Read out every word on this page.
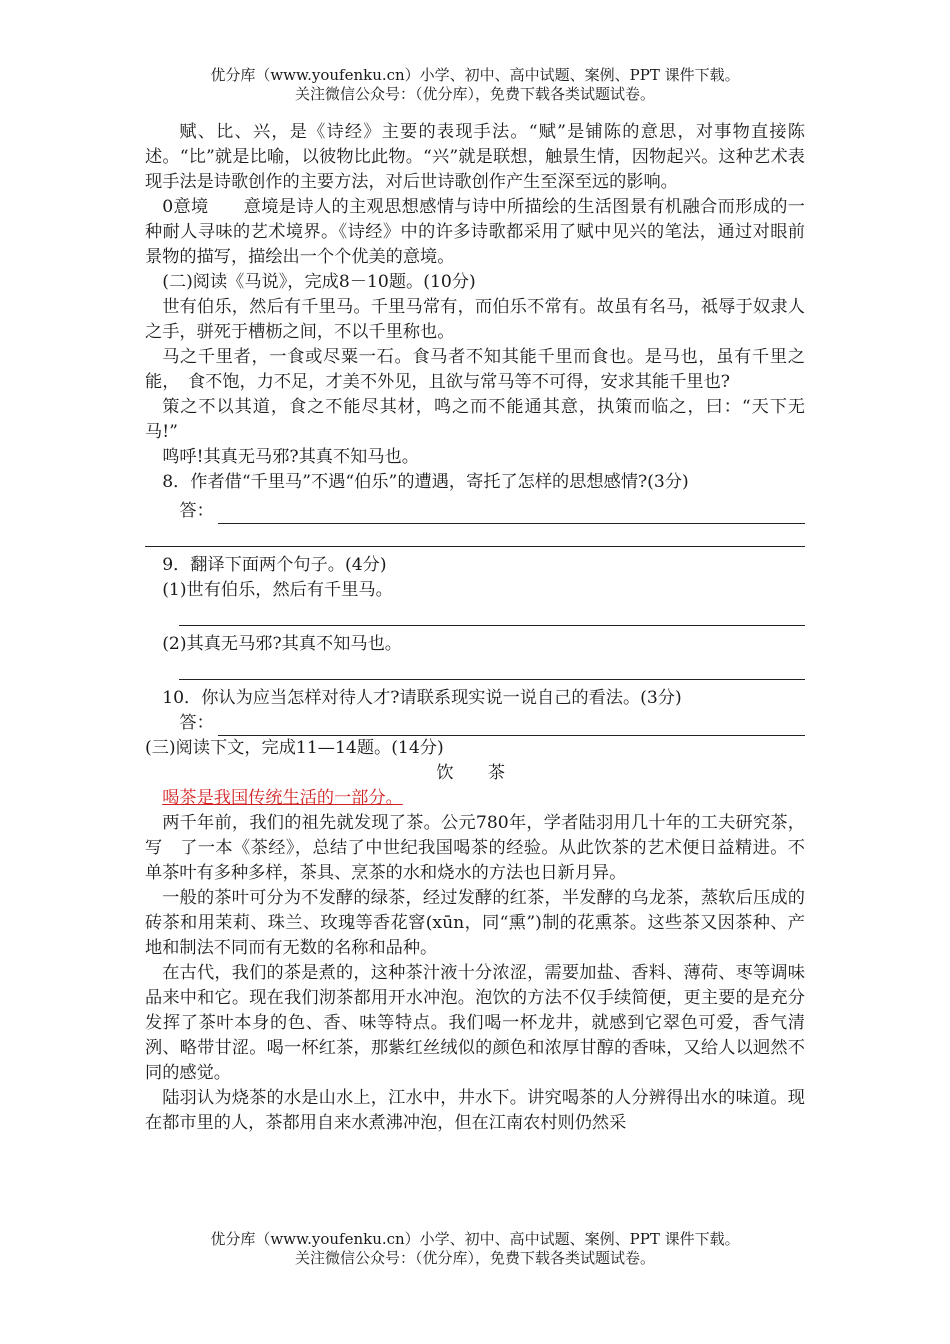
优分库（www.youfenku.cn）小学、初中、高中试题、案例、PPT 课件下载。
关注微信公众号：（优分库），免费下载各类试题试卷。

赋、比、兴，是《诗经》主要的表现手法。“赋”是铺陈的意思，对事物直接陈述。“比”就是比喻，以彼物比此物。“兴”就是联想，触景生情，因物起兴。这种艺术表现手法是诗歌创作的主要方法，对后世诗歌创作产生至深至远的影响。

0意境　　意境是诗人的主观思想感情与诗中所描绘的生活图景有机融合而形成的一种耐人寻味的艺术境界。《诗经》中的许多诗歌都采用了赋中见兴的笔法，通过对眼前景物的描写，描绘出一个个优美的意境。

(二)阅读《马说》，完成8－10题。(10分)

世有伯乐，然后有千里马。千里马常有，而伯乐不常有。故虽有名马，祗辱于奴隶人之手，骈死于槽枥之间，不以千里称也。

马之千里者，一食或尽粟一石。食马者不知其能千里而食也。是马也，虽有千里之能，　食不饱，力不足，才美不外见，且欲与常马等不可得，安求其能千里也?

策之不以其道，食之不能尽其材，鸣之而不能通其意，执策而临之，曰：“天下无马!”

鸣呼!其真无马邪?其真不知马也。

8．作者借“千里马”不遇“伯乐”的遭遇，寄托了怎样的思想感情?(3分)

答：

9．翻译下面两个句子。(4分)

(1)世有伯乐，然后有千里马。

(2)其真无马邪?其真不知马也。

10．你认为应当怎样对待人才?请联系现实说一说自己的看法。(3分)

答：

(三)阅读下文，完成11—14题。(14分)

饮　茶

喝茶是我国传统生活的一部分。

两千年前，我们的祖先就发现了茶。公元780年，学者陆羽用几十年的工夫研究茶，写　了一本《茶经》，总结了中世纪我国喝茶的经验。从此饮茶的艺术便日益精进。不单茶叶有多种多样，茶具、烹茶的水和烧水的方法也日新月异。

一般的茶叶可分为不发酵的绿茶，经过发酵的红茶，半发酵的乌龙茶，蒸软后压成的砖茶和用茉莉、珠兰、玫瑰等香花窨(xūn，同“熏”)制的花熏茶。这些茶又因茶种、产地和制法不同而有无数的名称和品种。

在古代，我们的茶是煮的，这种茶汁液十分浓涩，需要加盐、香料、薄荷、枣等调味品来中和它。现在我们沏茶都用开水冲泡。泡饮的方法不仅手续简便，更主要的是充分发挥了茶叶本身的色、香、味等特点。我们喝一杯龙井，就感到它翠色可爱，香气清洌、略带甘涩。喝一杯红茶，那紫红丝绒似的颜色和浓厚甘醇的香味，又给人以迥然不同的感觉。

陆羽认为烧茶的水是山水上，江水中，井水下。讲究喝茶的人分辨得出水的味道。现在都市里的人，茶都用自来水煮沸冲泡，但在江南农村则仍然采

优分库（www.youfenku.cn）小学、初中、高中试题、案例、PPT 课件下载。
关注微信公众号：（优分库），免费下载各类试题试卷。
